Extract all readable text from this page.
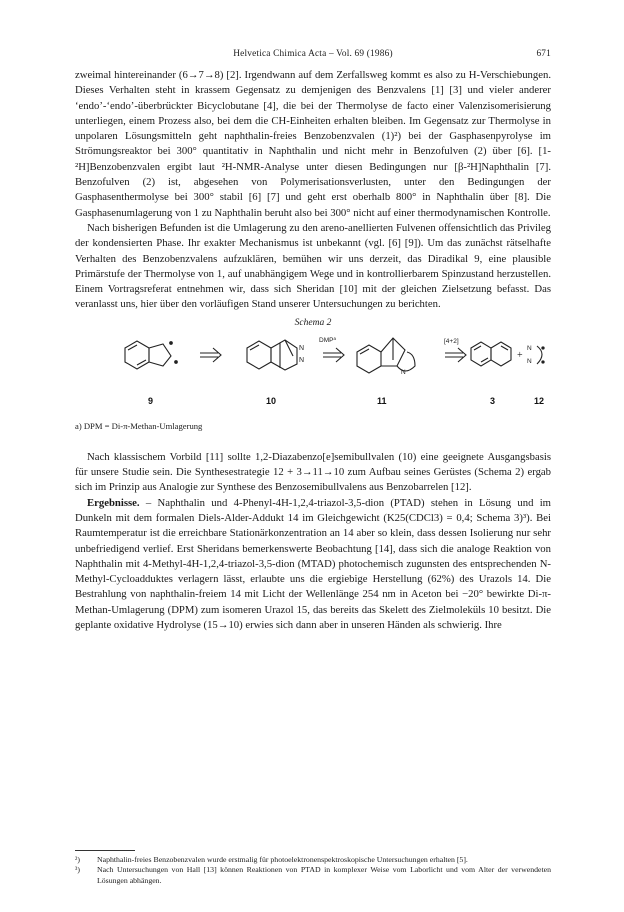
Helvetica Chimica Acta – Vol. 69 (1986)	671

zweimal hintereinander (6→7→8) [2]. Irgendwann auf dem Zerfallsweg kommt es also zu H-Verschiebungen. Dieses Verhalten steht in krassem Gegensatz zu demjenigen des Benzvalens [1] [3] und vieler anderer ‘endo’-‘endo’-überbrückter Bicyclobutane [4], die bei der Thermolyse de facto einer Valenzisomerisierung unterliegen, einem Prozess also, bei dem die CH-Einheiten erhalten bleiben. Im Gegensatz zur Thermolyse in unpolaren Lösungsmitteln geht naphthalin-freies Benzobenzvalen (1)²) bei der Gasphasenpyrolyse im Strömungsreaktor bei 300° quantitativ in Naphthalin und nicht mehr in Benzofulven (2) über [6]. [1-²H]Benzobenzvalen ergibt laut ²H-NMR-Analyse unter diesen Bedingungen nur [β-²H]Naphthalin [7]. Benzofulven (2) ist, abgesehen von Polymerisationsverlusten, unter den Bedingungen der Gasphasenthermolyse bei 300° stabil [6] [7] und geht erst oberhalb 800° in Naphthalin über [8]. Die Gasphasenumlagerung von 1 zu Naphthalin beruht also bei 300° nicht auf einer thermodynamischen Kontrolle.

Nach bisherigen Befunden ist die Umlagerung zu den areno-anellierten Fulvenen offensichtlich das Privileg der kondensierten Phase. Ihr exakter Mechanismus ist unbekannt (vgl. [6] [9]). Um das zunächst rätselhafte Verhalten des Benzobenzvalens aufzuklären, bemühen wir uns derzeit, das Diradikal 9, eine plausible Primärstufe der Thermolyse von 1, auf unabhängigem Wege und in kontrollierbarem Spinzustand herzustellen. Einem Vortragsreferat entnehmen wir, dass sich Sheridan [10] mit der gleichen Zielsetzung befasst. Das veranlasst uns, hier über den vorläufigen Stand unserer Untersuchungen zu berichten.

Schema 2
N
N
DMP$^a$
N
[4+2]
+
N
N
9	10	11	3	12
a) DPM = Di-π-Methan-Umlagerung

Nach klassischem Vorbild [11] sollte 1,2-Diazabenzo[e]semibullvalen (10) eine geeignete Ausgangsbasis für unsere Studie sein. Die Synthesestrategie 12 + 3→11→10 zum Aufbau seines Gerüstes (Schema 2) ergab sich im Prinzip aus Analogie zur Synthese des Benzosemibullvalens aus Benzobarrelen [12].

Ergebnisse. – Naphthalin und 4-Phenyl-4H-1,2,4-triazol-3,5-dion (PTAD) stehen in Lösung und im Dunkeln mit dem formalen Diels-Alder-Addukt 14 im Gleichgewicht (K25(CDCl3) = 0,4; Schema 3)³). Bei Raumtemperatur ist die erreichbare Stationärkonzentration an 14 aber so klein, dass dessen Isolierung nur sehr unbefriedigend verlief. Erst Sheridans bemerkenswerte Beobachtung [14], dass sich die analoge Reaktion von Naphthalin mit 4-Methyl-4H-1,2,4-triazol-3,5-dion (MTAD) photochemisch zugunsten des entsprechenden N-Methyl-Cycloadduktes verlagern lässt, erlaubte uns die ergiebige Herstellung (62%) des Urazols 14. Die Bestrahlung von naphthalin-freiem 14 mit Licht der Wellenlänge 254 nm in Aceton bei −20° bewirkte Di-π-Methan-Umlagerung (DPM) zum isomeren Urazol 15, das bereits das Skelett des Zielmoleküls 10 besitzt. Die geplante oxidative Hydrolyse (15→10) erwies sich dann aber in unseren Händen als schwierig. Ihre

²)	Naphthalin-freies Benzobenzvalen wurde erstmalig für photoelektronenspektroskopische Untersuchungen erhalten [5].
³)	Nach Untersuchungen von Hall [13] können Reaktionen von PTAD in komplexer Weise vom Laborlicht und vom Alter der verwendeten Lösungen abhängen.
